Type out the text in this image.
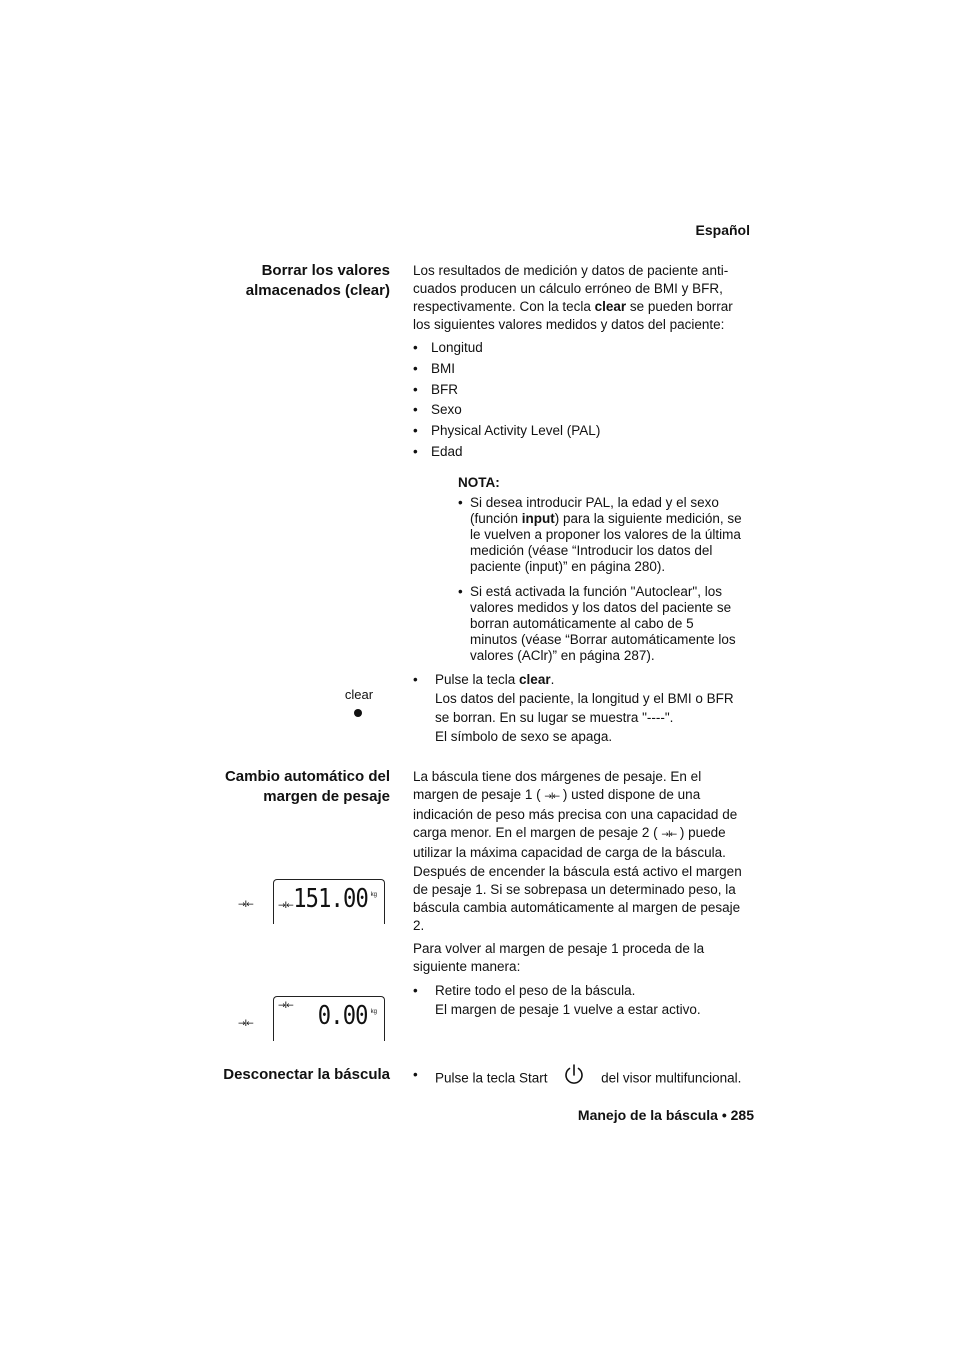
Español
Borrar los valores
almacenados (clear)

Los resultados de medición y datos de paciente anti-

cuados producen un cálculo erróneo de BMI y BFR,

respectivamente. Con la tecla clear se pueden borrar

los siguientes valores medidos y datos del paciente:

• Longitud
• BMI
• BFR
• Sexo
• Physical Activity Level (PAL)
• Edad
NOTA:
• Si desea introducir PAL, la edad y el sexo
(función input) para la siguiente medición, se
le vuelven a proponer los valores de la última
medición (véase “Introducir los datos del
paciente (input)” en página 280).
• Si está activada la función "Autoclear", los
valores medidos y los datos del paciente se
borran automáticamente al cabo de 5
minutos (véase “Borrar automáticamente los
valores (AClr)” en página 287).
clear
• Pulse la tecla clear.
Los datos del paciente, la longitud y el BMI o BFR
se borran. En su lugar se muestra "----".
El símbolo de sexo se apaga.
Cambio automático del
margen de pesaje

La báscula tiene dos márgenes de pesaje. En el

margen de pesaje 1 ( →I← ) usted dispone de una

indicación de peso más precisa con una capacidad de

carga menor. En el margen de pesaje 2 ( →I← ) puede

utilizar la máxima capacidad de carga de la báscula.

Después de encender la báscula está activo el margen

de pesaje 1. Si se sobrepasa un determinado peso, la

báscula cambia automáticamente al margen de pesaje

2.

Para volver al margen de pesaje 1 proceda de la

siguiente manera:

• Retire todo el peso de la báscula.
El margen de pesaje 1 vuelve a estar activo.
→I←	→I← 151.00 kg
→I←
→I← 0.00 kg
Desconectar la báscula • Pulse la tecla Start	del visor multifuncional.
Manejo de la báscula • 285
